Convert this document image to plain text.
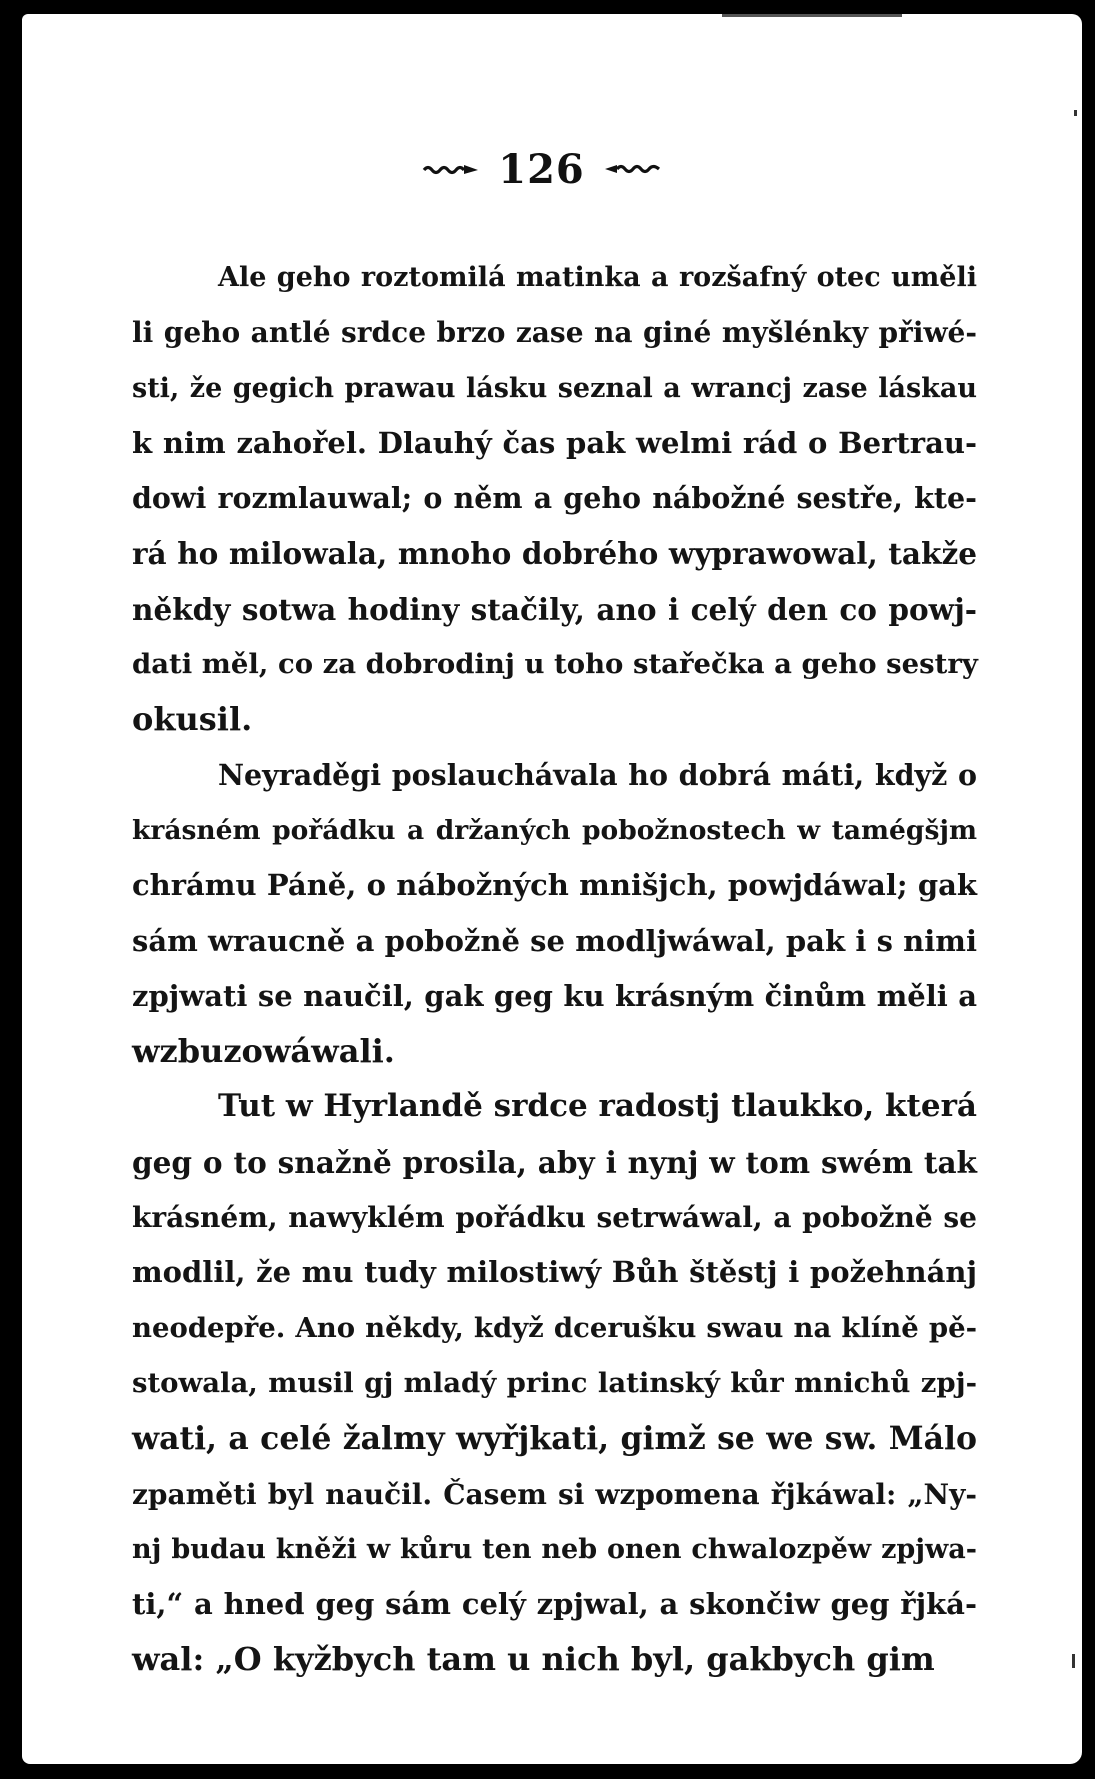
126

Ale geho roztomilá matinka a rozšafný otec uměli

li geho antlé srdce brzo zase na giné myšlénky přiwé-

sti, že gegich prawau lásku seznal a wrancj zase láskau

k nim zahořel. Dlauhý čas pak welmi rád o Bertrau-

dowi rozmlauwal; o něm a geho nábožné sestře, kte-

rá ho milowala, mnoho dobrého wyprawowal, takže

někdy sotwa hodiny stačily, ano i celý den co powj-

dati měl, co za dobrodinj u toho stařečka a geho sestry

okusil.

Neyraděgi poslauchávala ho dobrá máti, když o

krásném pořádku a držaných pobožnostech w tamégšjm

chrámu Páně, o nábožných mnišjch, powjdáwal; gak

sám wraucně a pobožně se modljwáwal, pak i s nimi

zpjwati se naučil, gak geg ku krásným činům měli a

wzbuzowáwali.

Tut w Hyrlandě srdce radostj tlaukko, která

geg o to snažně prosila, aby i nynj w tom swém tak

krásném, nawyklém pořádku setrwáwal, a pobožně se

modlil, že mu tudy milostiwý Bůh štěstj i požehnánj

neodepře. Ano někdy, když dcerušku swau na klíně pě-

stowala, musil gj mladý princ latinský kůr mnichů zpj-

wati, a celé žalmy wyřjkati, gimž se we sw. Málo

zpaměti byl naučil. Časem si wzpomena řjkáwal: „Ny-

nj budau kněži w kůru ten neb onen chwalozpěw zpjwa-

ti,“ a hned geg sám celý zpjwal, a skončiw geg řjká-

wal: „O kyžbych tam u nich byl, gakbych gim
